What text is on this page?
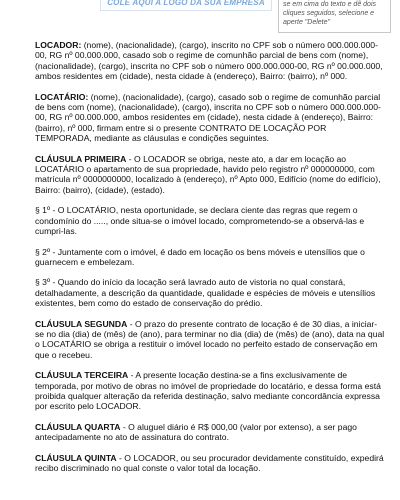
COLE AQUI A LOGO DA SUA EMPRESA	se em cima do texto e dê dois cliques seguidos, selecione e aperte "Delete"

LOCADOR: (nome), (nacionalidade), (cargo), inscrito no CPF sob o número 000.000.000-00, RG nº 00.000.000, casado sob o regime de comunhão parcial de bens com (nome), (nacionalidade), (cargo), inscrita no CPF sob o número 000.000.000-00, RG nº 00.000.000, ambos residentes em (cidade), nesta cidade à (endereço), Bairro: (bairro), nº 000.

LOCATÁRIO: (nome), (nacionalidade), (cargo), casado sob o regime de comunhão parcial de bens com (nome), (nacionalidade), (cargo), inscrita no CPF sob o número 000.000.000-00, RG nº 00.000.000, ambos residentes em (cidade), nesta cidade à (endereço), Bairro: (bairro), nº 000, firmam entre si o presente CONTRATO DE LOCAÇÃO POR TEMPORADA, mediante as cláusulas e condições seguintes.

CLÁUSULA PRIMEIRA - O LOCADOR se obriga, neste ato, a dar em locação ao LOCATÁRIO o apartamento de sua propriedade, havido pelo registro nº 000000000, com matrícula nº 0000000000, localizado à (endereço), nº Apto 000, Edifício (nome do edifício), Bairro: (bairro), (cidade), (estado).

§ 1º - O LOCATÁRIO, nesta oportunidade, se declara ciente das regras que regem o condomínio do ....., onde situa-se o imóvel locado, comprometendo-se a observá-las e cumpri-las.

§ 2º - Juntamente com o imóvel, é dado em locação os bens móveis e utensílios que o guarnecem e embelezam.

§ 3º - Quando do início da locação será lavrado auto de vistoria no qual constará, detalhadamente, a descrição da quantidade, qualidade e espécies de móveis e utensílios existentes, bem como do estado de conservação do prédio.

CLÁUSULA SEGUNDA - O prazo do presente contrato de locação é de 30 dias, a iniciar-se no dia (dia) de (mês) de (ano), para terminar no dia (dia) de (mês) de (ano), data na qual o LOCATÁRIO se obriga a restituir o imóvel locado no perfeito estado de conservação em que o recebeu.

CLÁUSULA TERCEIRA - A presente locação destina-se a fins exclusivamente de temporada, por motivo de obras no imóvel de propriedade do locatário, e dessa forma está proibida qualquer alteração da referida destinação, salvo mediante concordância expressa por escrito pelo LOCADOR.

CLÁUSULA QUARTA - O aluguel diário é R$ 000,00 (valor por extenso), a ser pago antecipadamente no ato de assinatura do contrato.

CLÁUSULA QUINTA - O LOCADOR, ou seu procurador devidamente constituído, expedirá recibo discriminado no qual conste o valor total da locação.
